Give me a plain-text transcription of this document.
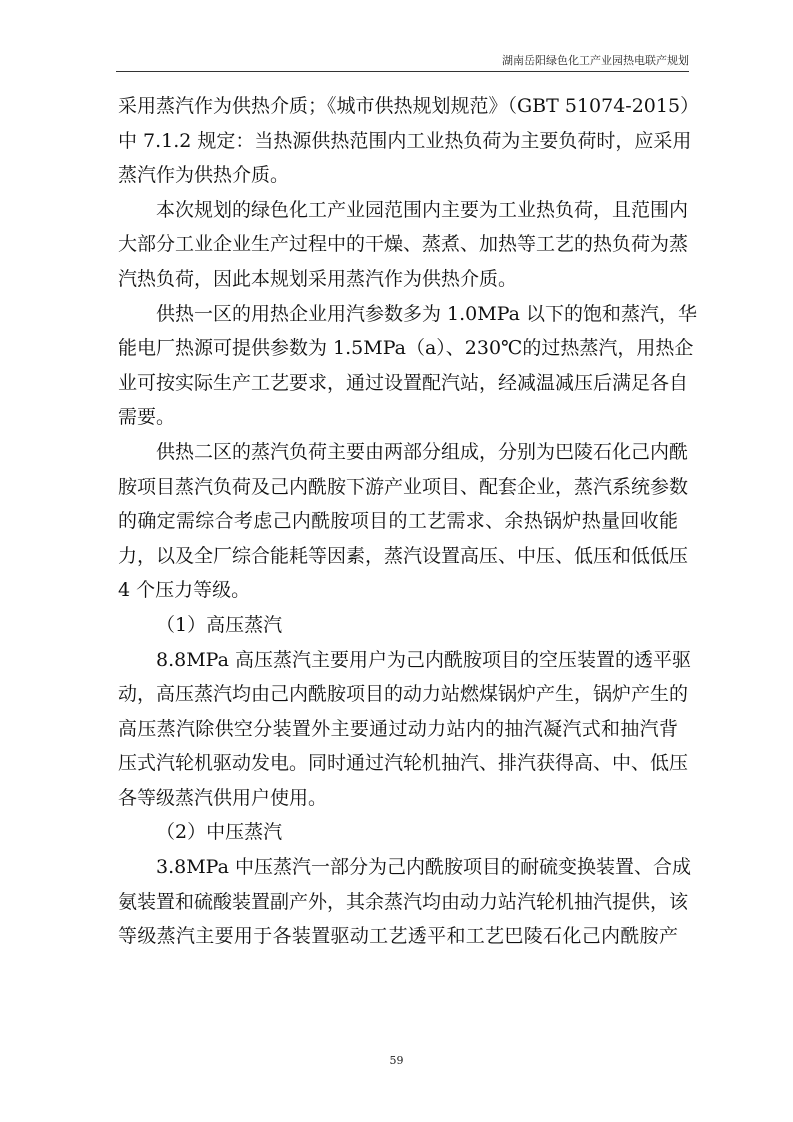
湖南岳阳绿色化工产业园热电联产规划

采用蒸汽作为供热介质；《城市供热规划规范》（GBT 51074-2015）
中 7.1.2 规定：当热源供热范围内工业热负荷为主要负荷时，应采用
蒸汽作为供热介质。

本次规划的绿色化工产业园范围内主要为工业热负荷，且范围内
大部分工业企业生产过程中的干燥、蒸煮、加热等工艺的热负荷为蒸
汽热负荷，因此本规划采用蒸汽作为供热介质。

供热一区的用热企业用汽参数多为 1.0MPa 以下的饱和蒸汽，华
能电厂热源可提供参数为 1.5MPa（a）、230℃的过热蒸汽，用热企
业可按实际生产工艺要求，通过设置配汽站，经减温减压后满足各自
需要。

供热二区的蒸汽负荷主要由两部分组成，分别为巴陵石化己内酰
胺项目蒸汽负荷及己内酰胺下游产业项目、配套企业，蒸汽系统参数
的确定需综合考虑己内酰胺项目的工艺需求、余热锅炉热量回收能
力，以及全厂综合能耗等因素，蒸汽设置高压、中压、低压和低低压
4 个压力等级。

（1）高压蒸汽

8.8MPa 高压蒸汽主要用户为己内酰胺项目的空压装置的透平驱
动，高压蒸汽均由己内酰胺项目的动力站燃煤锅炉产生，锅炉产生的
高压蒸汽除供空分装置外主要通过动力站内的抽汽凝汽式和抽汽背
压式汽轮机驱动发电。同时通过汽轮机抽汽、排汽获得高、中、低压
各等级蒸汽供用户使用。

（2）中压蒸汽

3.8MPa 中压蒸汽一部分为己内酰胺项目的耐硫变换装置、合成
氨装置和硫酸装置副产外，其余蒸汽均由动力站汽轮机抽汽提供，该
等级蒸汽主要用于各装置驱动工艺透平和工艺巴陵石化己内酰胺产

59
